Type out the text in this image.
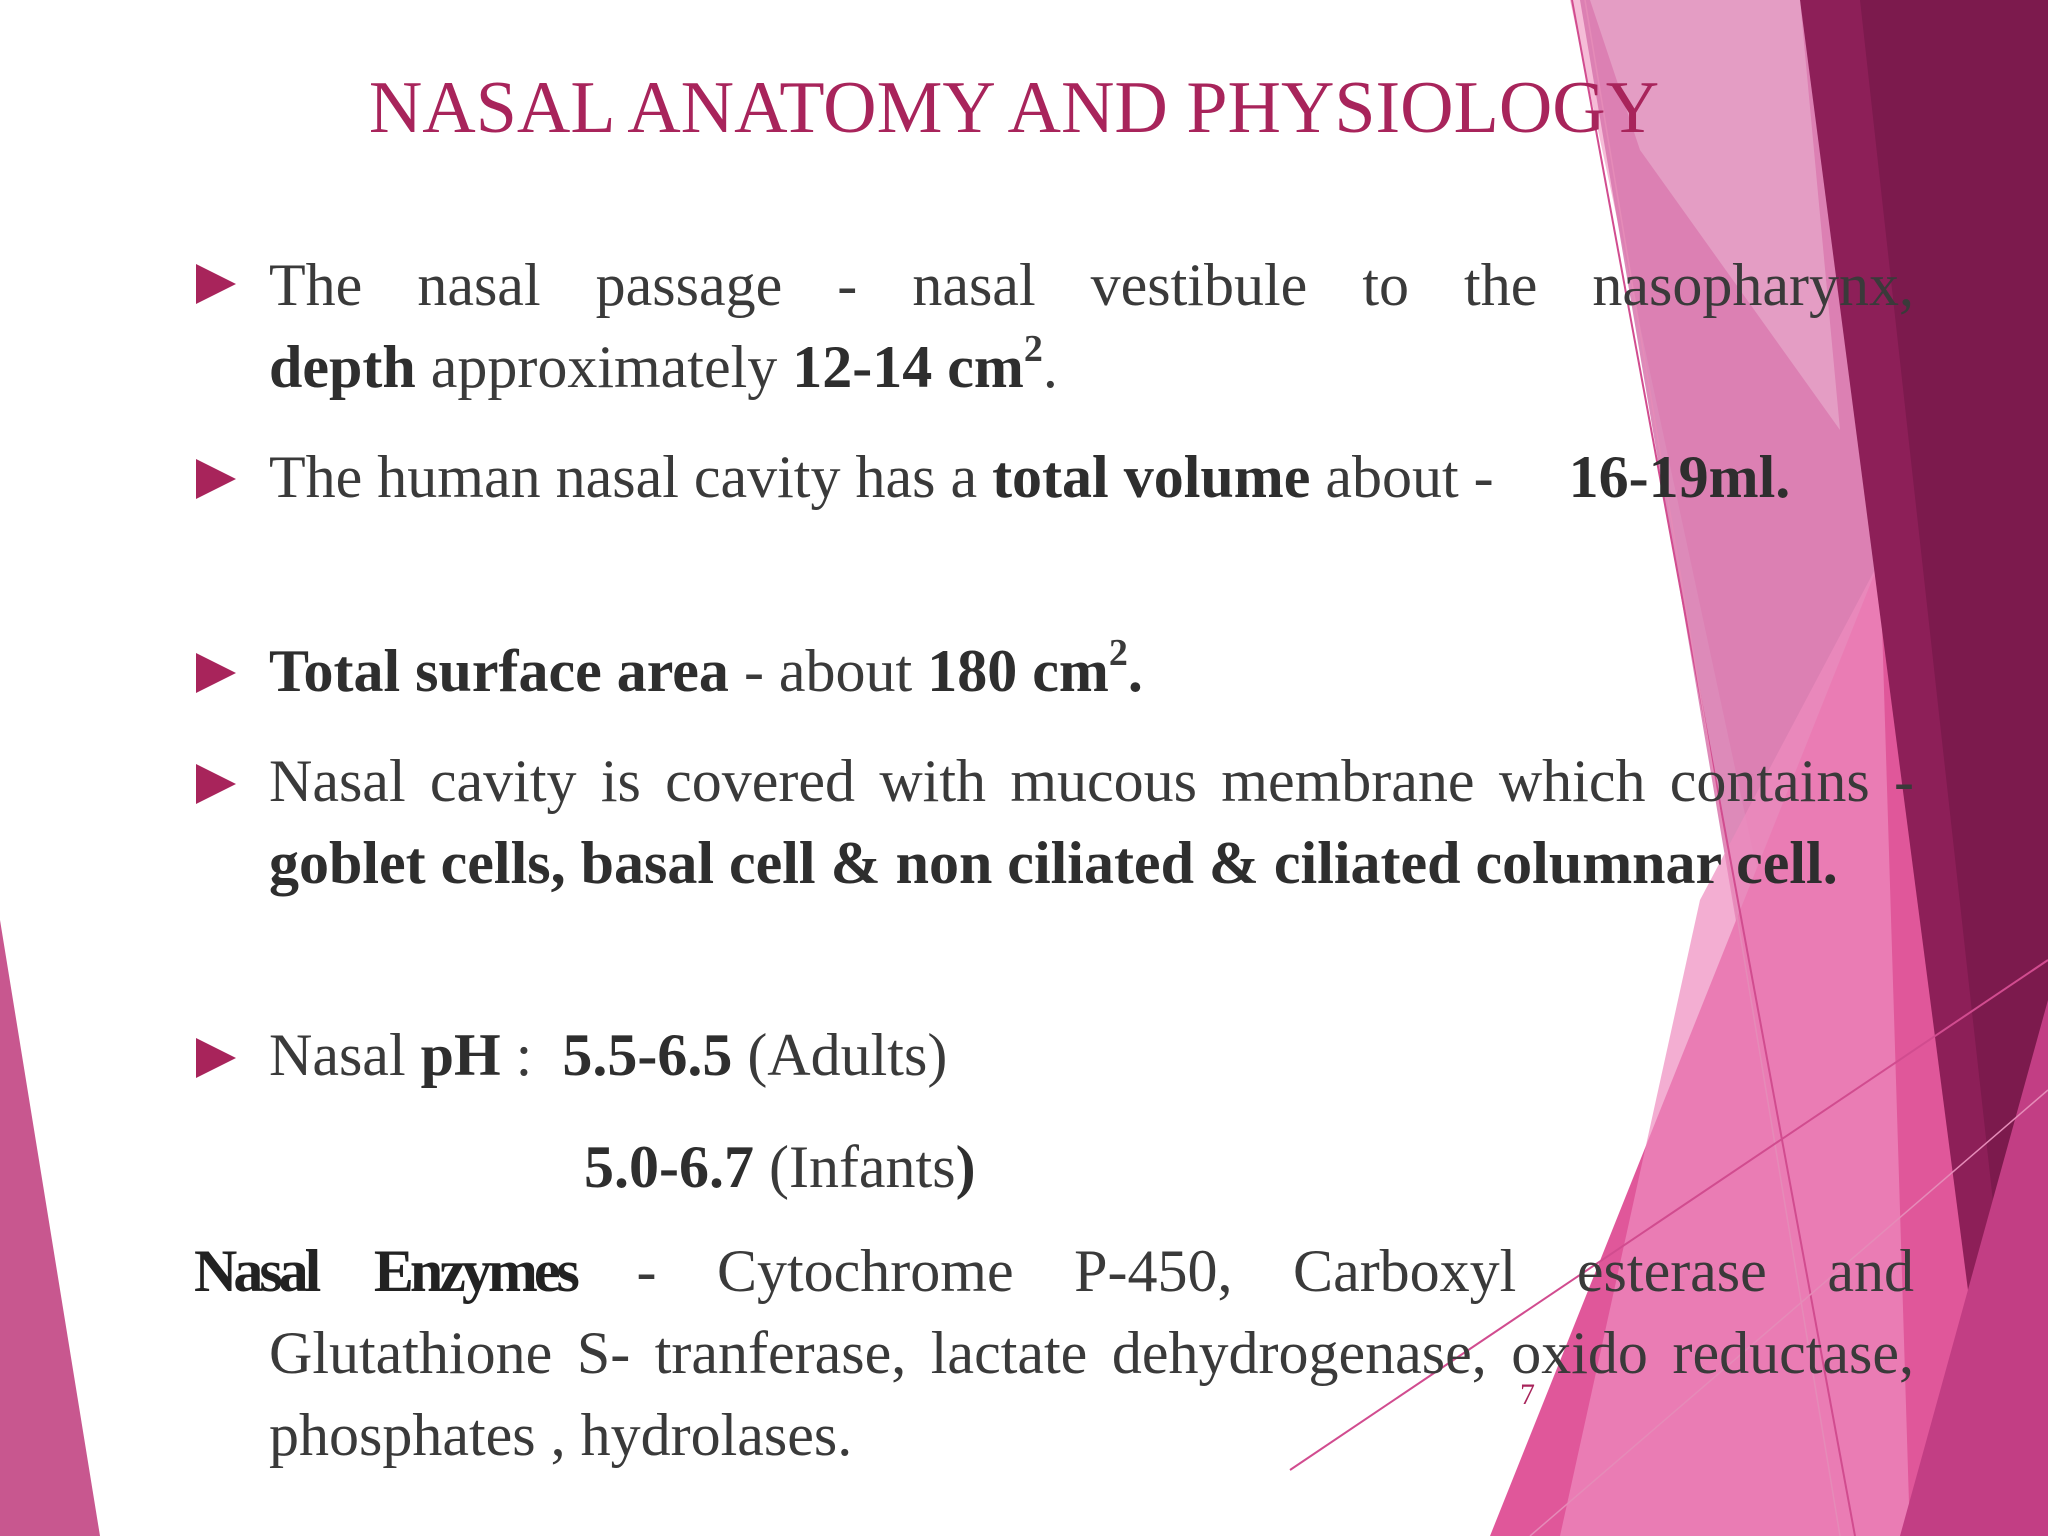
NASAL ANATOMY AND PHYSIOLOGY
The nasal passage - nasal vestibule to the nasopharynx,
depth approximately 12-14 $cm^2$.
The human nasal cavity has a total volume about -     16-19ml.
Total surface area - about 180 $cm^2$.
Nasal cavity is covered with mucous membrane which contains - goblet cells, basal cell & non ciliated & ciliated columnar cell.
Nasal pH :  5.5-6.5 (Adults)
5.0-6.7 (Infants)
Nasal Enzymes - Cytochrome P-450, Carboxyl esterase and
Glutathione S- tranferase, lactate dehydrogenase, oxido reductase, phosphates , hydrolases.
7
